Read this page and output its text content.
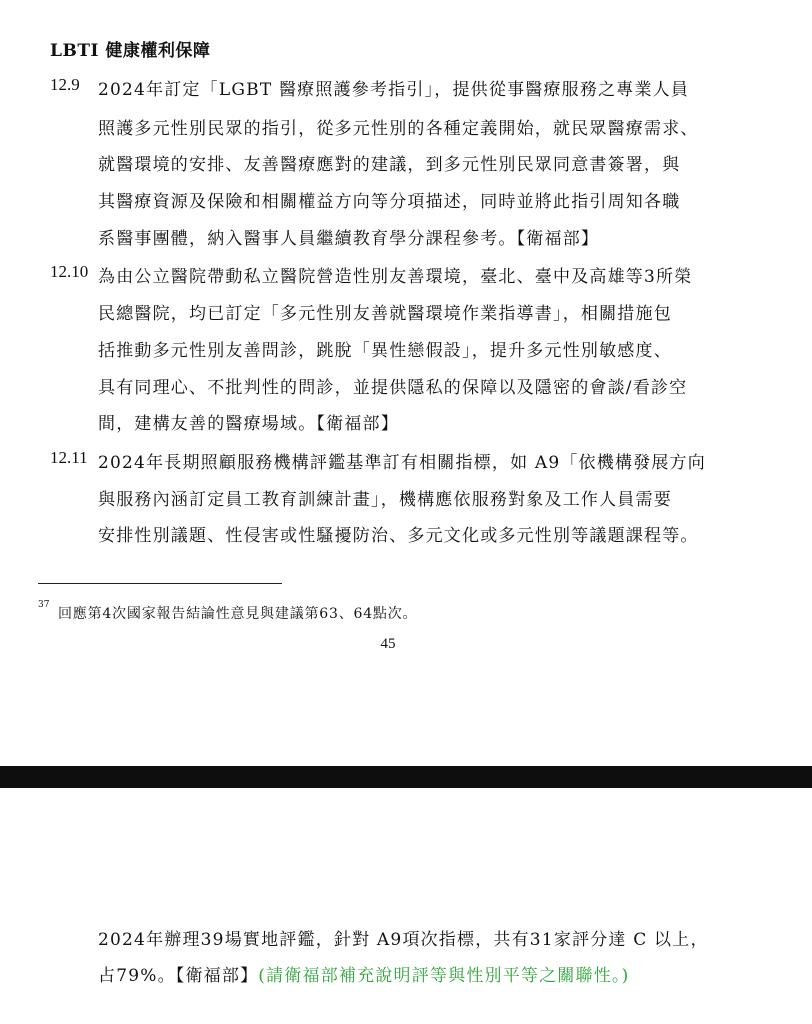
LBTI 健康權利保障
12.9 2024年訂定「LGBT 醫療照護參考指引」，提供從事醫療服務之專業人員
照護多元性別民眾的指引，從多元性別的各種定義開始，就民眾醫療需求、
就醫環境的安排、友善醫療應對的建議，到多元性別民眾同意書簽署，與
其醫療資源及保險和相關權益方向等分項描述，同時並將此指引周知各職
系醫事團體，納入醫事人員繼續教育學分課程參考。【衛福部】
12.10 為由公立醫院帶動私立醫院營造性別友善環境，臺北、臺中及高雄等3所榮
民總醫院，均已訂定「多元性別友善就醫環境作業指導書」，相關措施包
括推動多元性別友善問診，跳脫「異性戀假設」，提升多元性別敏感度、
具有同理心、不批判性的問診，並提供隱私的保障以及隱密的會談/看診空
間，建構友善的醫療場域。【衛福部】
12.11 2024年長期照顧服務機構評鑑基準訂有相關指標，如 A9「依機構發展方向
與服務內涵訂定員工教育訓練計畫」，機構應依服務對象及工作人員需要
安排性別議題、性侵害或性騷擾防治、多元文化或多元性別等議題課程等。
37
回應第4次國家報告結論性意見與建議第63、64點次。
45
2024年辦理39場實地評鑑，針對 A9項次指標，共有31家評分達 C 以上，
占79%。【衛福部】(請衛福部補充說明評等與性別平等之關聯性。)
